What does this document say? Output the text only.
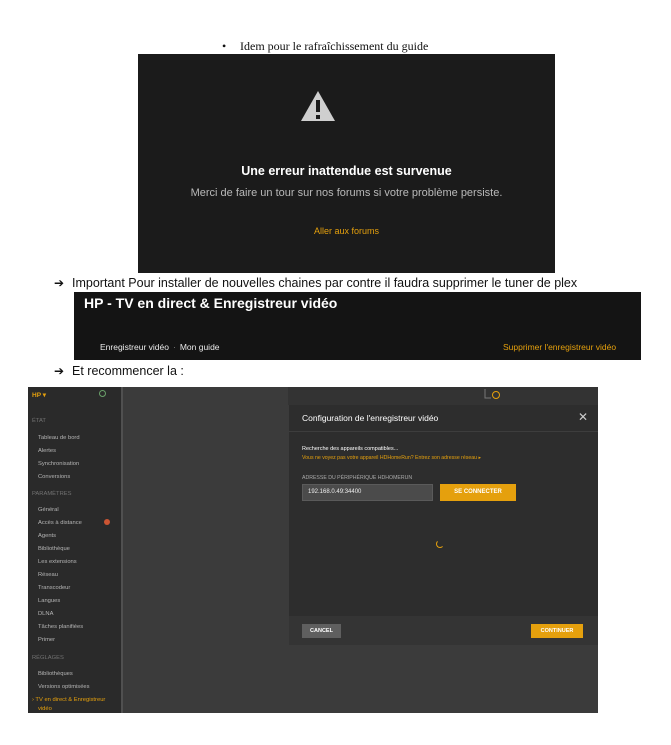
• Idem pour le rafraîchissement du guide
Une erreur inattendue est survenue
Merci de faire un tour sur nos forums si votre problème persiste.
Aller aux forums
➔ Important Pour installer de nouvelles chaines par contre il faudra supprimer le tuner de plex
HP - TV en direct & Enregistreur vidéo
Enregistreur vidéo · Mon guide	Supprimer l'enregistreur vidéo
➔ Et recommencer la :
HP ▾
ÉTAT
Tableau de bord
Alertes
Synchronisation
Conversions
PARAMÈTRES
Général
Accès à distance
Agents
Bibliothèque
Les extensions
Réseau
Transcodeur
Langues
DLNA
Tâches planifiées
Primer
RÉGLAGES
Bibliothèques
Versions optimisées
› TV en direct & Enregistreur
vidéo
Configuration de l'enregistreur vidéo	✕
Recherche des appareils compatibles...
Vous ne voyez pas votre appareil HDHomeRun? Entrez son adresse réseau ▸
ADRESSE DU PÉRIPHÉRIQUE HDHOMERUN
192.168.0.49:34400	SE CONNECTER
CANCEL	CONTINUER
